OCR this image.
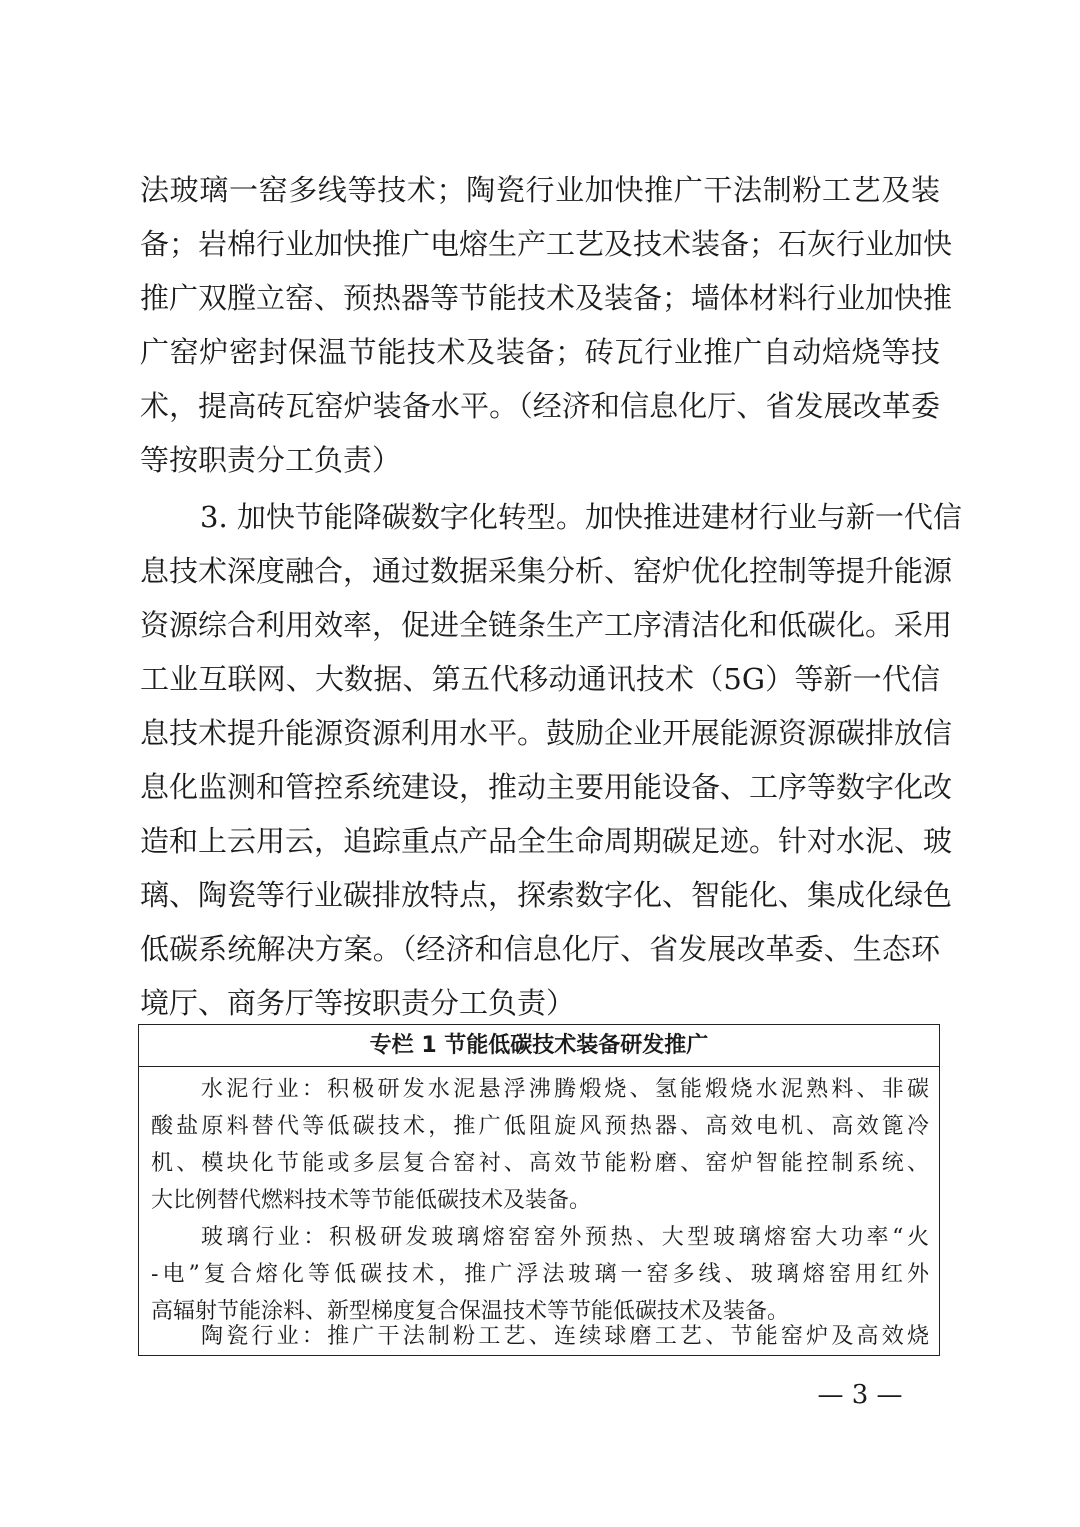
法玻璃一窑多线等技术；陶瓷行业加快推广干法制粉工艺及装
备；岩棉行业加快推广电熔生产工艺及技术装备；石灰行业加快
推广双膛立窑、预热器等节能技术及装备；墙体材料行业加快推
广窑炉密封保温节能技术及装备；砖瓦行业推广自动焙烧等技
术，提高砖瓦窑炉装备水平。（经济和信息化厅、省发展改革委
等按职责分工负责）
3. 加快节能降碳数字化转型。加快推进建材行业与新一代信
息技术深度融合，通过数据采集分析、窑炉优化控制等提升能源
资源综合利用效率，促进全链条生产工序清洁化和低碳化。采用
工业互联网、大数据、第五代移动通讯技术（5G）等新一代信
息技术提升能源资源利用水平。鼓励企业开展能源资源碳排放信
息化监测和管控系统建设，推动主要用能设备、工序等数字化改
造和上云用云，追踪重点产品全生命周期碳足迹。针对水泥、玻
璃、陶瓷等行业碳排放特点，探索数字化、智能化、集成化绿色
低碳系统解决方案。（经济和信息化厅、省发展改革委、生态环
境厅、商务厅等按职责分工负责）
专栏 1 节能低碳技术装备研发推广
水泥行业：积极研发水泥悬浮沸腾煅烧、氢能煅烧水泥熟料、非碳
酸盐原料替代等低碳技术，推广低阻旋风预热器、高效电机、高效篦冷
机、模块化节能或多层复合窑衬、高效节能粉磨、窑炉智能控制系统、
大比例替代燃料技术等节能低碳技术及装备。
玻璃行业：积极研发玻璃熔窑窑外预热、大型玻璃熔窑大功率“火
-电”复合熔化等低碳技术，推广浮法玻璃一窑多线、玻璃熔窑用红外
高辐射节能涂料、新型梯度复合保温技术等节能低碳技术及装备。
陶瓷行业：推广干法制粉工艺、连续球磨工艺、节能窑炉及高效烧
— 3 —
